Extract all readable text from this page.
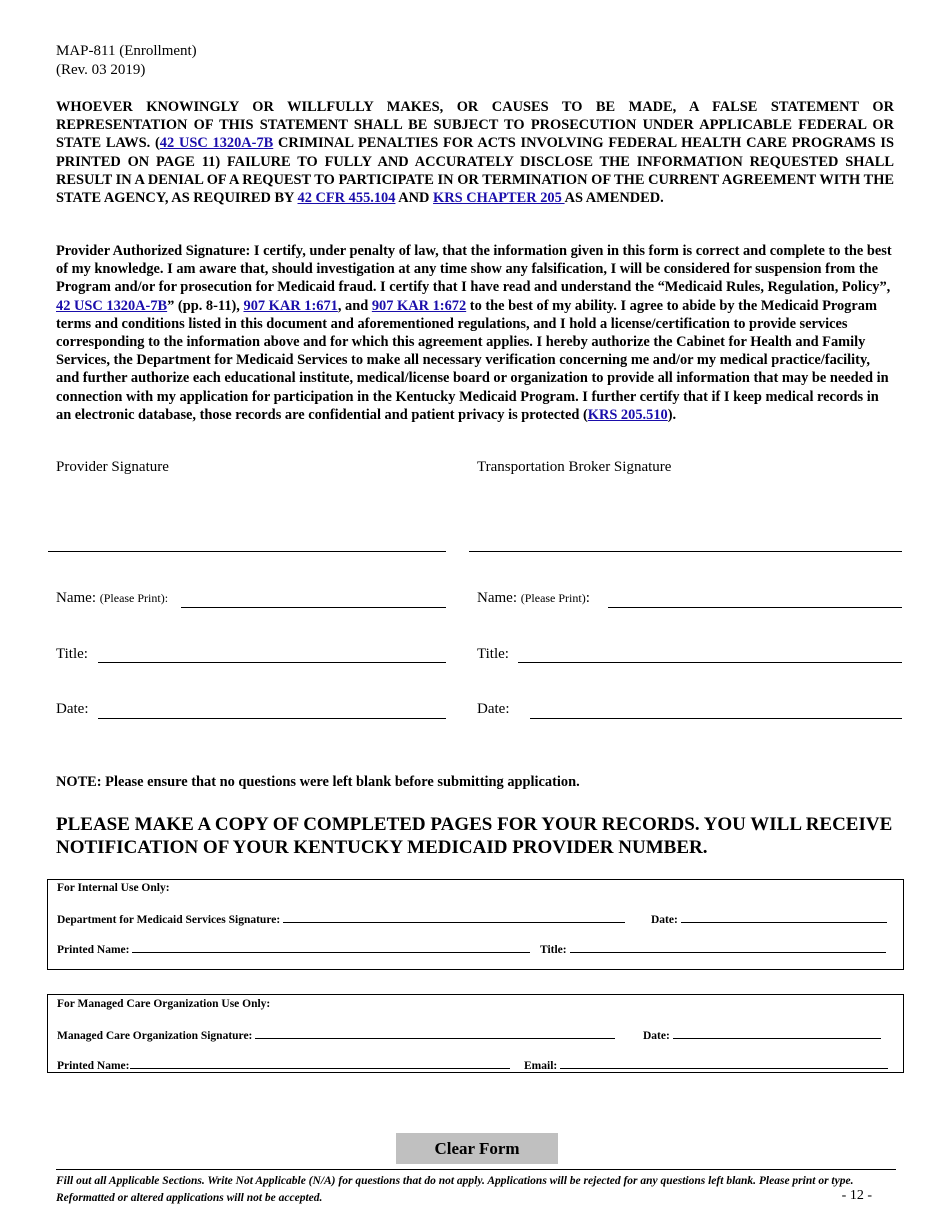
MAP-811 (Enrollment)
(Rev. 03 2019)
WHOEVER KNOWINGLY OR WILLFULLY MAKES, OR CAUSES TO BE MADE, A FALSE STATEMENT OR REPRESENTATION OF THIS STATEMENT SHALL BE SUBJECT TO PROSECUTION UNDER APPLICABLE FEDERAL OR STATE LAWS. (42 USC 1320A-7B CRIMINAL PENALTIES FOR ACTS INVOLVING FEDERAL HEALTH CARE PROGRAMS IS PRINTED ON PAGE 11) FAILURE TO FULLY AND ACCURATELY DISCLOSE THE INFORMATION REQUESTED SHALL RESULT IN A DENIAL OF A REQUEST TO PARTICIPATE IN OR TERMINATION OF THE CURRENT AGREEMENT WITH THE STATE AGENCY, AS REQUIRED BY 42 CFR 455.104 AND KRS CHAPTER 205 AS AMENDED.
Provider Authorized Signature: I certify, under penalty of law, that the information given in this form is correct and complete to the best of my knowledge. I am aware that, should investigation at any time show any falsification, I will be considered for suspension from the Program and/or for prosecution for Medicaid fraud. I certify that I have read and understand the “Medicaid Rules, Regulation, Policy”, 42 USC 1320A-7B” (pp. 8-11), 907 KAR 1:671, and 907 KAR 1:672 to the best of my ability. I agree to abide by the Medicaid Program terms and conditions listed in this document and aforementioned regulations, and I hold a license/certification to provide services corresponding to the information above and for which this agreement applies. I hereby authorize the Cabinet for Health and Family Services, the Department for Medicaid Services to make all necessary verification concerning me and/or my medical practice/facility, and further authorize each educational institute, medical/license board or organization to provide all information that may be needed in connection with my application for participation in the Kentucky Medicaid Program. I further certify that if I keep medical records in an electronic database, those records are confidential and patient privacy is protected (KRS 205.510).
Provider Signature	Transportation Broker Signature
Name: (Please Print):	Name: (Please Print):
Title:	Title:
Date:	Date:
NOTE: Please ensure that no questions were left blank before submitting application.
PLEASE MAKE A COPY OF COMPLETED PAGES FOR YOUR RECORDS. YOU WILL RECEIVE NOTIFICATION OF YOUR KENTUCKY MEDICAID PROVIDER NUMBER.
For Internal Use Only:
Department for Medicaid Services Signature:	Date:
Printed Name:	Title:
For Managed Care Organization Use Only:
Managed Care Organization Signature:	Date:
Printed Name:	Email:
Clear Form
Fill out all Applicable Sections. Write Not Applicable (N/A) for questions that do not apply. Applications will be rejected for any questions left blank. Please print or type. Reformatted or altered applications will not be accepted.	- 12 -
